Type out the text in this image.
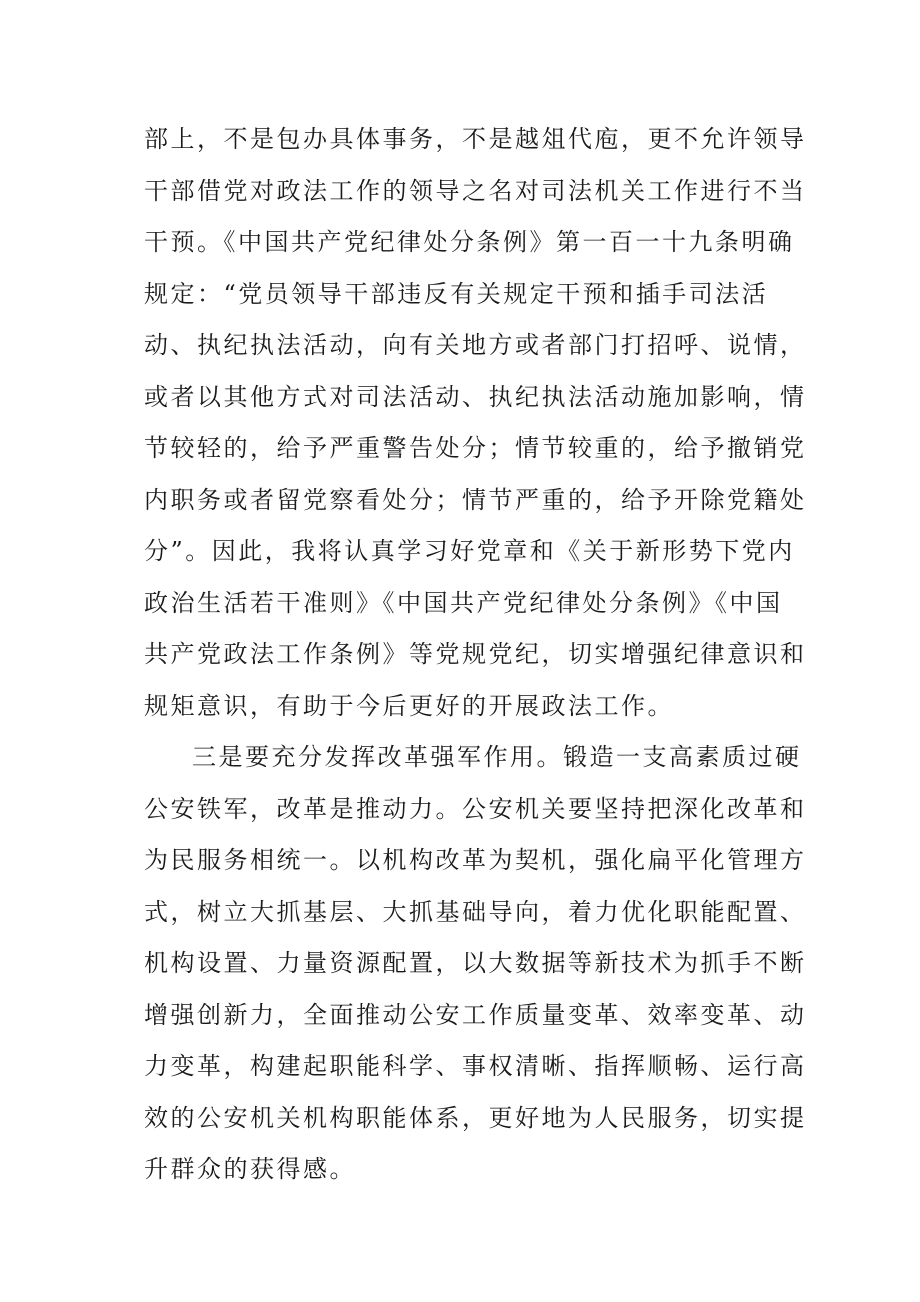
部上，不是包办具体事务，不是越俎代庖，更不允许领导
干部借党对政法工作的领导之名对司法机关工作进行不当
干预。《中国共产党纪律处分条例》第一百一十九条明确
规定：“党员领导干部违反有关规定干预和插手司法活
动、执纪执法活动，向有关地方或者部门打招呼、说情，
或者以其他方式对司法活动、执纪执法活动施加影响，情
节较轻的，给予严重警告处分；情节较重的，给予撤销党
内职务或者留党察看处分；情节严重的，给予开除党籍处
分”。因此，我将认真学习好党章和《关于新形势下党内
政治生活若干准则》《中国共产党纪律处分条例》《中国
共产党政法工作条例》等党规党纪，切实增强纪律意识和
规矩意识，有助于今后更好的开展政法工作。
三是要充分发挥改革强军作用。锻造一支高素质过硬
公安铁军，改革是推动力。公安机关要坚持把深化改革和
为民服务相统一。以机构改革为契机，强化扁平化管理方
式，树立大抓基层、大抓基础导向，着力优化职能配置、
机构设置、力量资源配置，以大数据等新技术为抓手不断
增强创新力，全面推动公安工作质量变革、效率变革、动
力变革，构建起职能科学、事权清晰、指挥顺畅、运行高
效的公安机关机构职能体系，更好地为人民服务，切实提
升群众的获得感。
